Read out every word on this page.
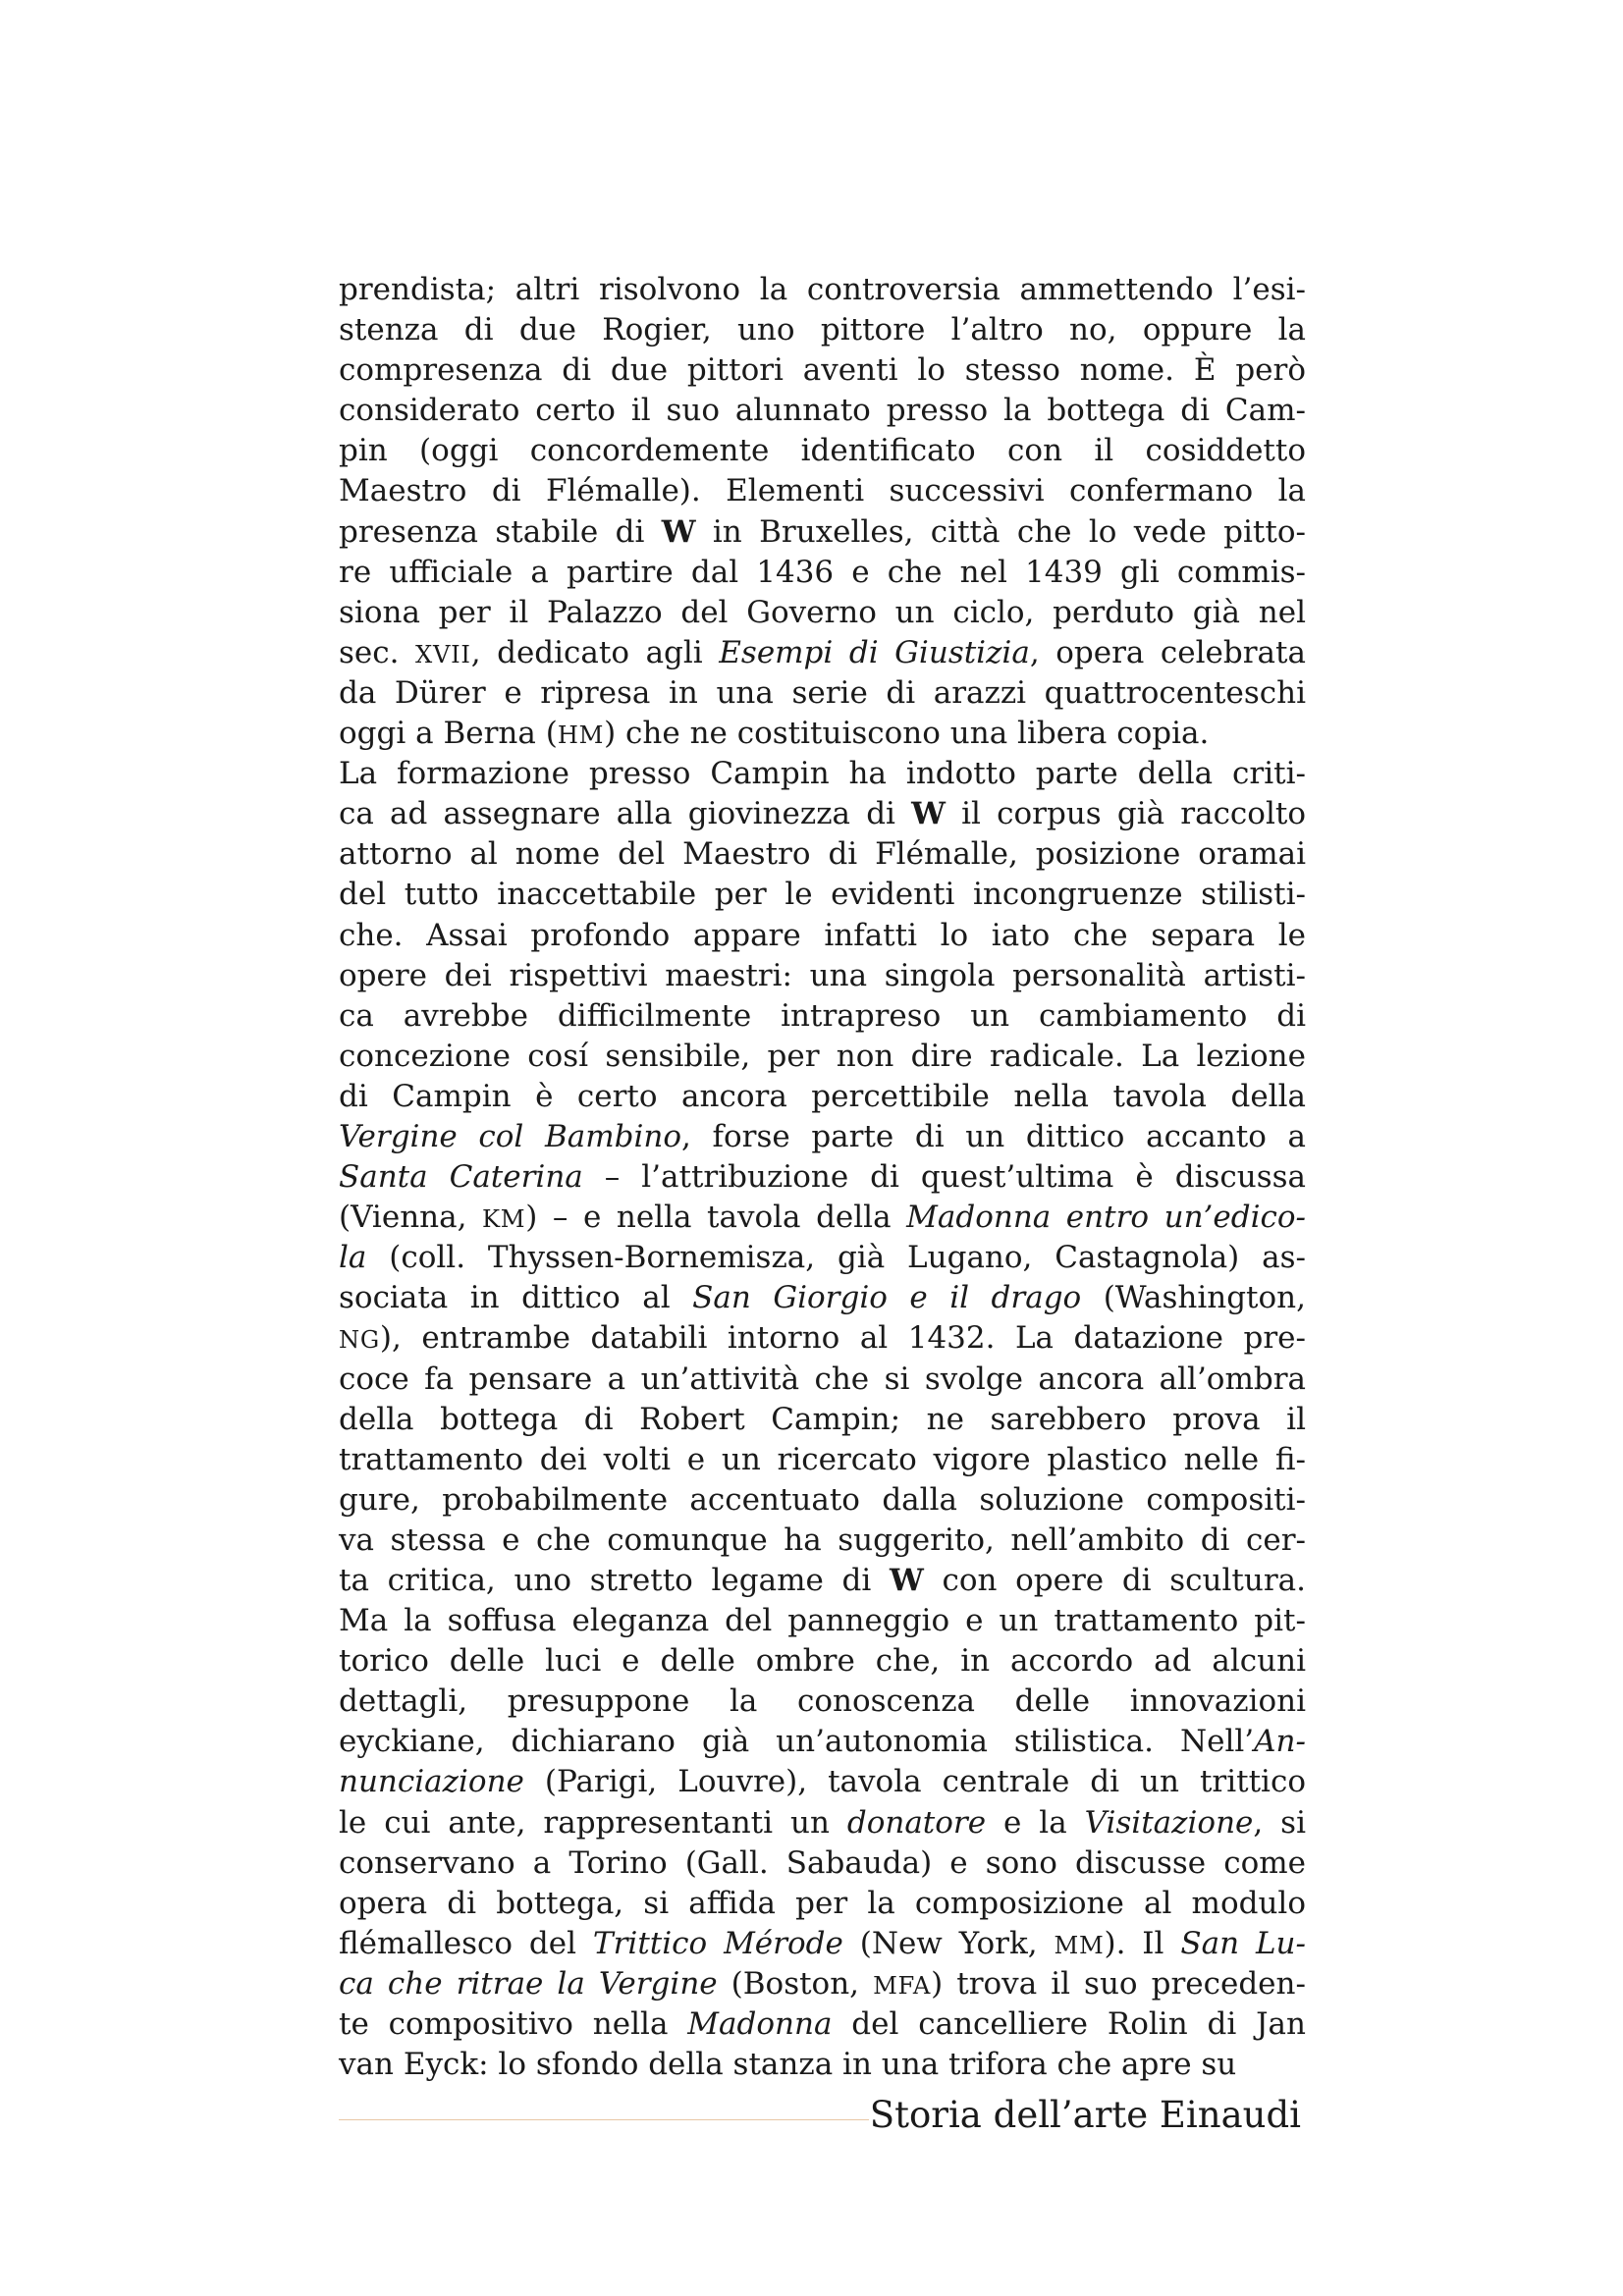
prendista; altri risolvono la controversia ammettendo l’esi-
stenza di due Rogier, uno pittore l’altro no, oppure la
compresenza di due pittori aventi lo stesso nome. È però
considerato certo il suo alunnato presso la bottega di Cam-
pin (oggi concordemente identificato con il cosiddetto
Maestro di Flémalle). Elementi successivi confermano la
presenza stabile di W in Bruxelles, città che lo vede pitto-
re ufficiale a partire dal 1436 e che nel 1439 gli commis-
siona per il Palazzo del Governo un ciclo, perduto già nel
sec. XVII, dedicato agli Esempi di Giustizia, opera celebrata
da Dürer e ripresa in una serie di arazzi quattrocenteschi
oggi a Berna (HM) che ne costituiscono una libera copia.
La formazione presso Campin ha indotto parte della criti-
ca ad assegnare alla giovinezza di W il corpus già raccolto
attorno al nome del Maestro di Flémalle, posizione oramai
del tutto inaccettabile per le evidenti incongruenze stilisti-
che. Assai profondo appare infatti lo iato che separa le
opere dei rispettivi maestri: una singola personalità artisti-
ca avrebbe difficilmente intrapreso un cambiamento di
concezione cosí sensibile, per non dire radicale. La lezione
di Campin è certo ancora percettibile nella tavola della
Vergine col Bambino, forse parte di un dittico accanto a
Santa Caterina – l’attribuzione di quest’ultima è discussa
(Vienna, KM) – e nella tavola della Madonna entro un’edico-
la (coll. Thyssen-Bornemisza, già Lugano, Castagnola) as-
sociata in dittico al San Giorgio e il drago (Washington,
NG), entrambe databili intorno al 1432. La datazione pre-
coce fa pensare a un’attività che si svolge ancora all’ombra
della bottega di Robert Campin; ne sarebbero prova il
trattamento dei volti e un ricercato vigore plastico nelle fi-
gure, probabilmente accentuato dalla soluzione compositi-
va stessa e che comunque ha suggerito, nell’ambito di cer-
ta critica, uno stretto legame di W con opere di scultura.
Ma la soffusa eleganza del panneggio e un trattamento pit-
torico delle luci e delle ombre che, in accordo ad alcuni
dettagli, presuppone la conoscenza delle innovazioni
eyckiane, dichiarano già un’autonomia stilistica. Nell’An-
nunciazione (Parigi, Louvre), tavola centrale di un trittico
le cui ante, rappresentanti un donatore e la Visitazione, si
conservano a Torino (Gall. Sabauda) e sono discusse come
opera di bottega, si affida per la composizione al modulo
flémallesco del Trittico Mérode (New York, MM). Il San Lu-
ca che ritrae la Vergine (Boston, MFA) trova il suo preceden-
te compositivo nella Madonna del cancelliere Rolin di Jan
van Eyck: lo sfondo della stanza in una trifora che apre su
Storia dell’arte Einaudi
